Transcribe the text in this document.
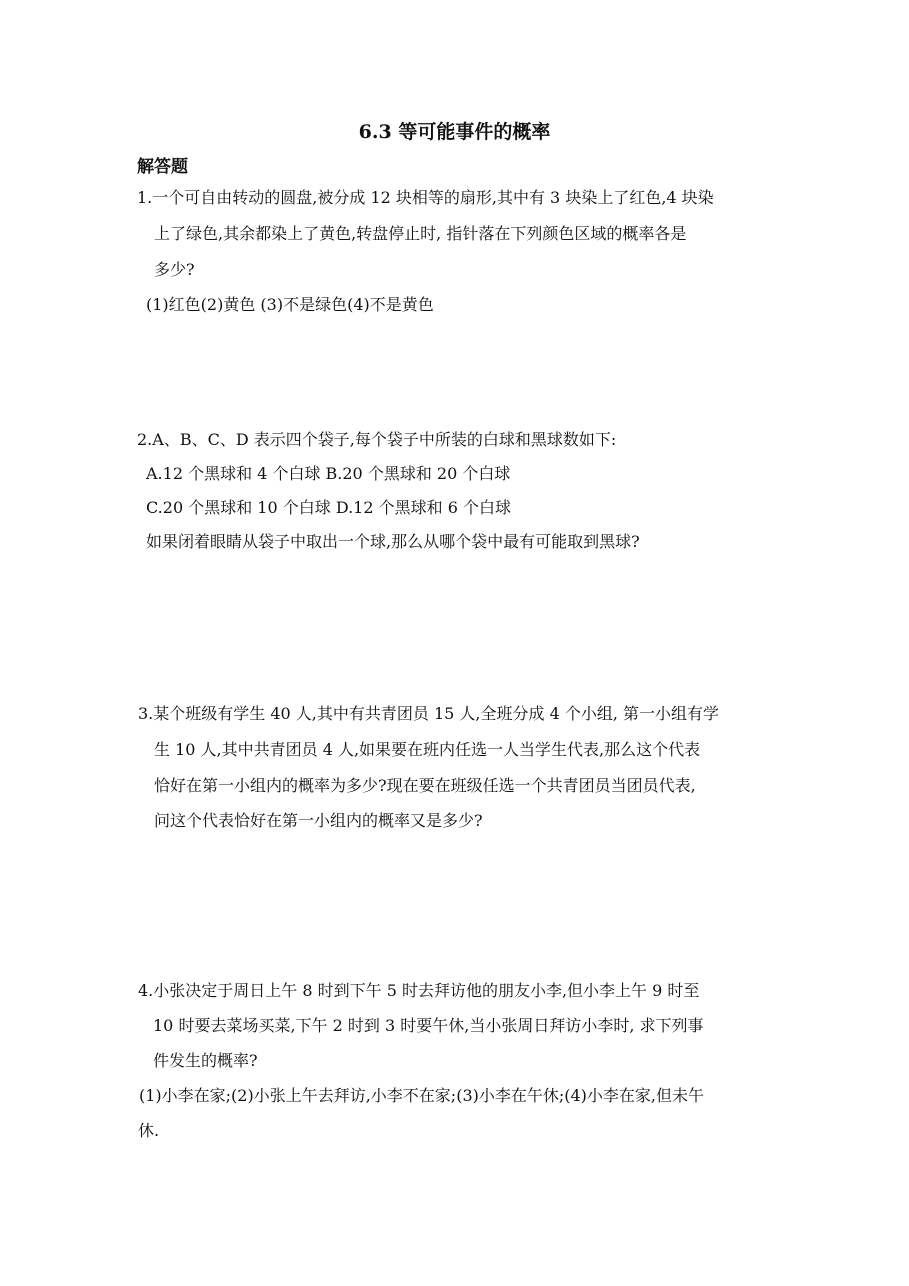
6.3 等可能事件的概率
解答题
1.一个可自由转动的圆盘,被分成 12 块相等的扇形,其中有 3 块染上了红色,4 块染
上了绿色,其余都染上了黄色,转盘停止时, 指针落在下列颜色区域的概率各是
多少?
(1)红色(2)黄色 (3)不是绿色(4)不是黄色
2.A、B、C、D 表示四个袋子,每个袋子中所装的白球和黑球数如下:
A.12 个黑球和 4 个白球 B.20 个黑球和 20 个白球
C.20 个黑球和 10 个白球 D.12 个黑球和 6 个白球
如果闭着眼睛从袋子中取出一个球,那么从哪个袋中最有可能取到黑球?
3.某个班级有学生 40 人,其中有共青团员 15 人,全班分成 4 个小组, 第一小组有学
生 10 人,其中共青团员 4 人,如果要在班内任选一人当学生代表,那么这个代表
恰好在第一小组内的概率为多少?现在要在班级任选一个共青团员当团员代表,
问这个代表恰好在第一小组内的概率又是多少?
4.小张决定于周日上午 8 时到下午 5 时去拜访他的朋友小李,但小李上午 9 时至
10 时要去菜场买菜,下午 2 时到 3 时要午休,当小张周日拜访小李时, 求下列事
件发生的概率?
(1)小李在家;(2)小张上午去拜访,小李不在家;(3)小李在午休;(4)小李在家,但未午
休.
